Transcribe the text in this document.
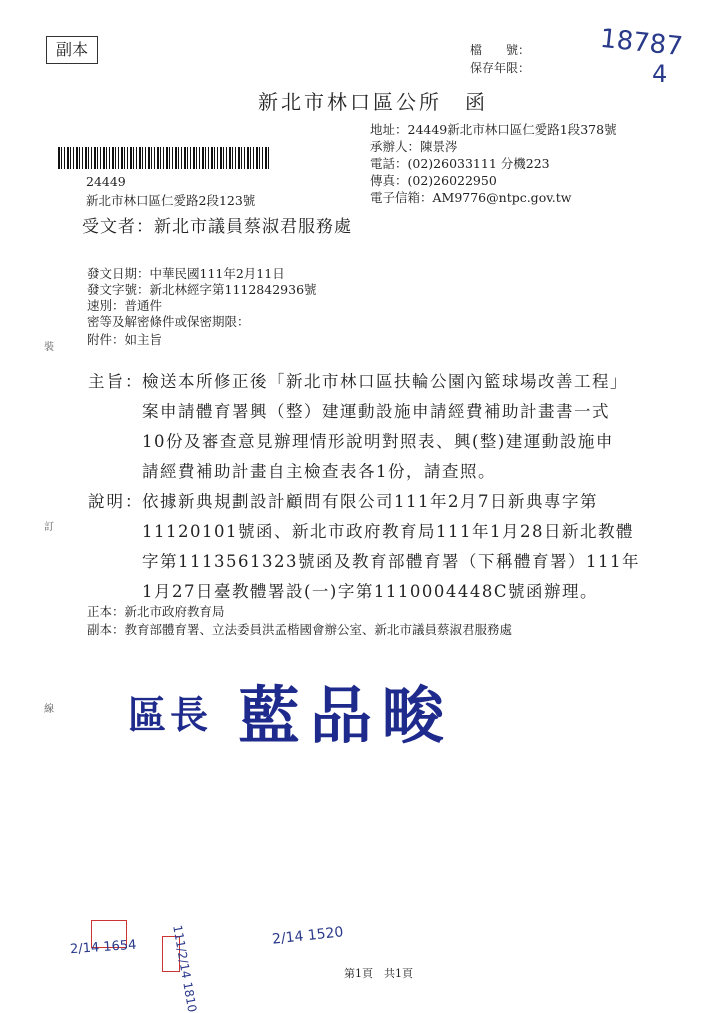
副本	檔　　號：
保存年限：
18787
4
新北市林口區公所　函
地址：24449新北市林口區仁愛路1段378號
承辦人：陳景涔
電話：(02)26033111 分機223
傳真：(02)26022950
電子信箱：AM9776@ntpc.gov.tw
24449
新北市林口區仁愛路2段123號
受文者：新北市議員蔡淑君服務處
發文日期：中華民國111年2月11日
發文字號：新北林經字第1112842936號
速別：普通件
密等及解密條件或保密期限：
附件：如主旨
主旨：
檢送本所修正後「新北市林口區扶輪公園內籃球場改善工程」
案申請體育署興（整）建運動設施申請經費補助計畫書一式
10份及審查意見辦理情形說明對照表、興(整)建運動設施申
請經費補助計畫自主檢查表各1份，請查照。
說明：
依據新典規劃設計顧問有限公司111年2月7日新典專字第
11120101號函、新北市政府教育局111年1月28日新北教體
字第1113561323號函及教育部體育署（下稱體育署）111年
1月27日臺教體署設(一)字第1110004448C號函辦理。
正本：新北市政府教育局
副本：教育部體育署、立法委員洪孟楷國會辦公室、新北市議員蔡淑君服務處
區長 藍品畯
裝
訂
線
2/14 1654	111/2/14 1810	2/14 1520
第1頁　共1頁
